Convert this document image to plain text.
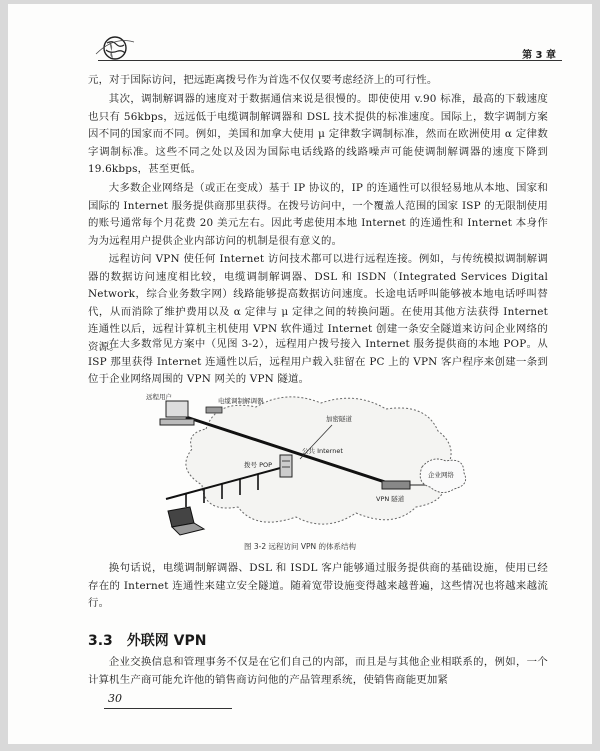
第 3 章

元，对于国际访问，把远距离拨号作为首选不仅仅要考虑经济上的可行性。

其次，调制解调器的速度对于数据通信来说是很慢的。即使使用 v.90 标准，最高的下载速度也只有 56kbps，远远低于电缆调制解调器和 DSL 技术提供的标准速度。国际上，数字调制方案因不同的国家而不同。例如，美国和加拿大使用 μ 定律数字调制标准，然而在欧洲使用 α 定律数字调制标准。这些不同之处以及因为国际电话线路的线路噪声可能使调制解调器的速度下降到 19.6kbps，甚至更低。

大多数企业网络是（或正在变成）基于 IP 协议的，IP 的连通性可以很轻易地从本地、国家和国际的 Internet 服务提供商那里获得。在拨号访问中，一个覆盖人范围的国家 ISP 的无限制使用的账号通常每个月花费 20 美元左右。因此考虑使用本地 Internet 的连通性和 Internet 本身作为为远程用户提供企业内部访问的机制是很有意义的。

远程访问 VPN 使任何 Internet 访问技术都可以进行远程连接。例如，与传统模拟调制解调器的数据访问速度相比较，电缆调制解调器、DSL 和 ISDN（Integrated Services Digital Network，综合业务数字网）线路能够提高数据访问速度。长途电话呼叫能够被本地电话呼叫替代，从而消除了维护费用以及 α 定律与 μ 定律之间的转换问题。在使用其他方法获得 Internet 连通性以后，远程计算机主机使用 VPN 软件通过 Internet 创建一条安全隧道来访问企业网络的资源。

在大多数常见方案中（见图 3-2），远程用户拨号接入 Internet 服务提供商的本地 POP。从 ISP 那里获得 Internet 连通性以后，远程用户载入驻留在 PC 上的 VPN 客户程序来创建一条到位于企业网络周围的 VPN 网关的 VPN 隧道。

远程用户	电缆调制解调器
加密隧道
拨号 POP
公共 Internet
VPN 隧道
企业网络
图 3-2 远程访问 VPN 的体系结构

换句话说，电缆调制解调器、DSL 和 ISDL 客户能够通过服务提供商的基础设施，使用已经存在的 Internet 连通性来建立安全隧道。随着宽带设施变得越来越普遍，这些情况也将越来越流行。

3.3 外联网 VPN

企业交换信息和管理事务不仅是在它们自己的内部，而且是与其他企业相联系的，例如，一个计算机生产商可能允许他的销售商访问他的产品管理系统，使销售商能更加紧

30
